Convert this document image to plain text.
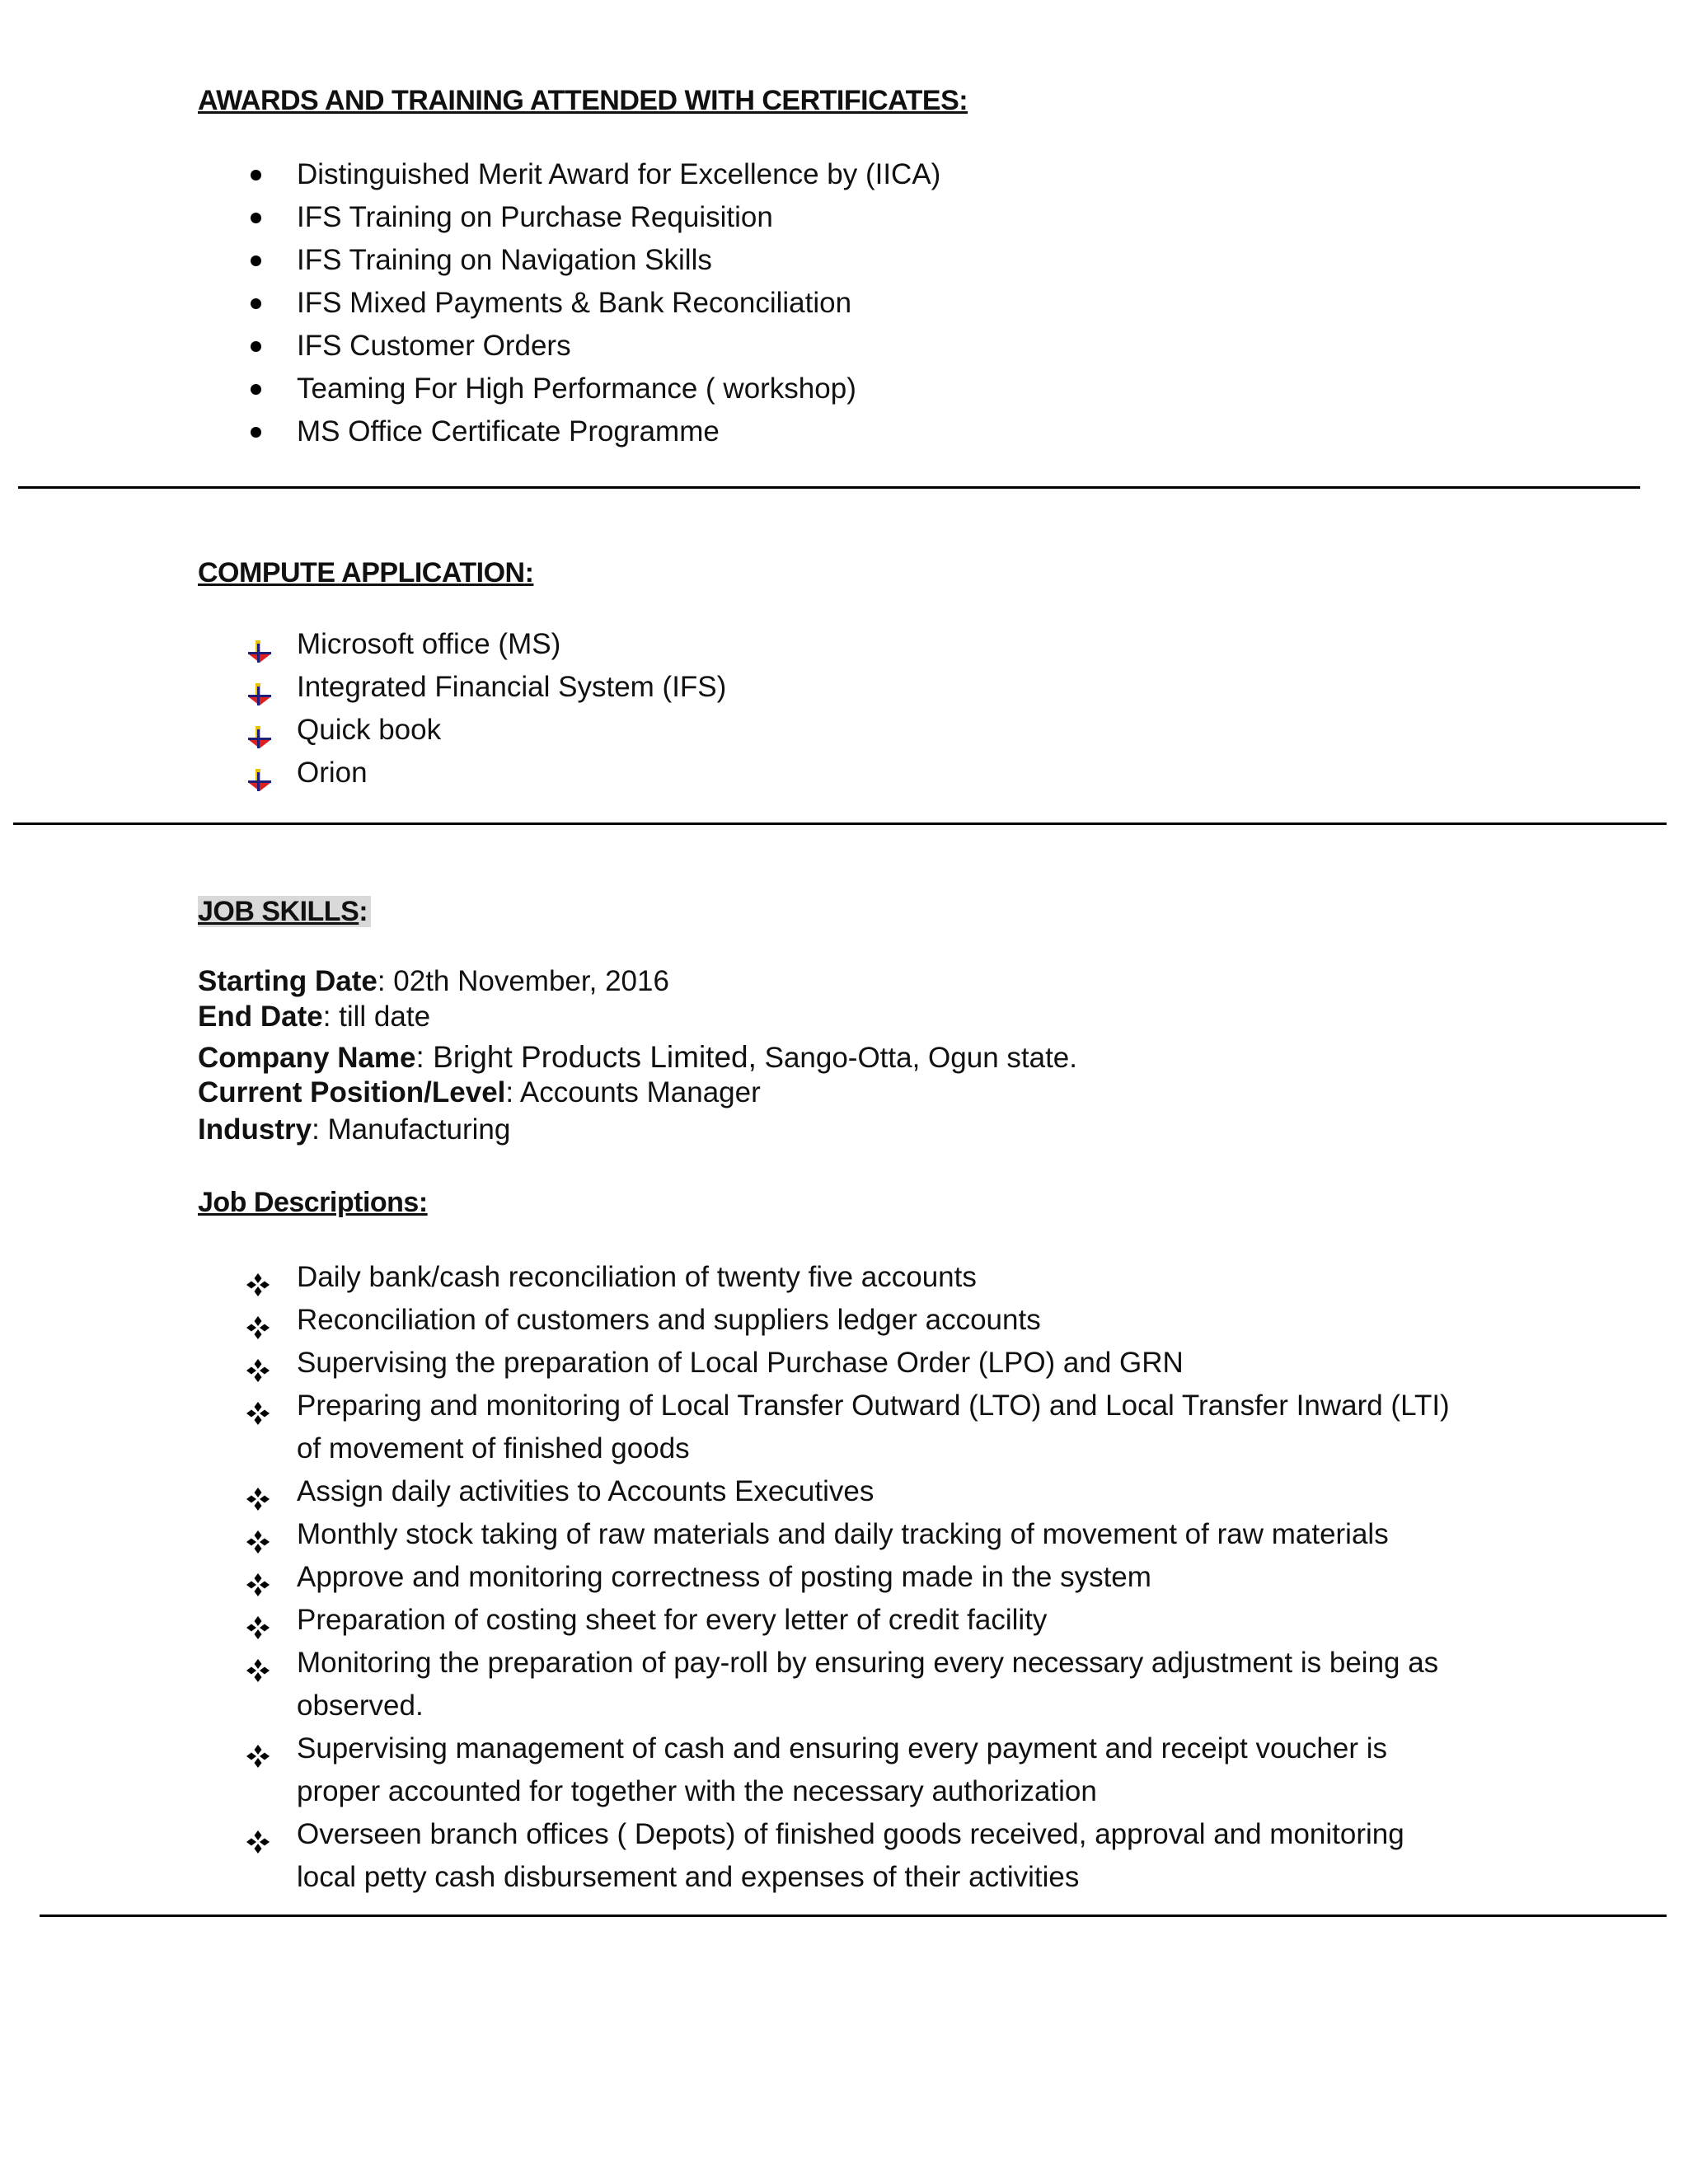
AWARDS AND TRAINING ATTENDED WITH CERTIFICATES:
Distinguished Merit Award for Excellence by (IICA)
IFS Training on Purchase Requisition
IFS Training on Navigation Skills
IFS Mixed Payments & Bank Reconciliation
IFS Customer Orders
Teaming For High Performance ( workshop)
MS Office Certificate Programme
COMPUTE APPLICATION:
Microsoft office (MS)
Integrated Financial System (IFS)
Quick book
Orion
JOB SKILLS:
Starting Date: 02th November, 2016
End Date: till date
Company Name: Bright Products Limited, Sango-Otta, Ogun state.
Current Position/Level: Accounts Manager
Industry: Manufacturing
Job Descriptions:
Daily bank/cash reconciliation of twenty five accounts
Reconciliation of customers and suppliers ledger accounts
Supervising the preparation of Local Purchase Order (LPO) and GRN
Preparing and monitoring of Local Transfer Outward (LTO) and Local Transfer Inward (LTI) of movement of finished goods
Assign daily activities to Accounts Executives
Monthly stock taking of raw materials and daily tracking of movement of raw materials
Approve and monitoring correctness of posting made in the system
Preparation of costing sheet for every letter of credit facility
Monitoring the preparation of pay-roll by ensuring every necessary adjustment is being as observed.
Supervising management of cash and ensuring every payment and receipt voucher is proper accounted for together with the necessary authorization
Overseen branch offices ( Depots) of finished goods received, approval and monitoring local petty cash disbursement and expenses of their activities
